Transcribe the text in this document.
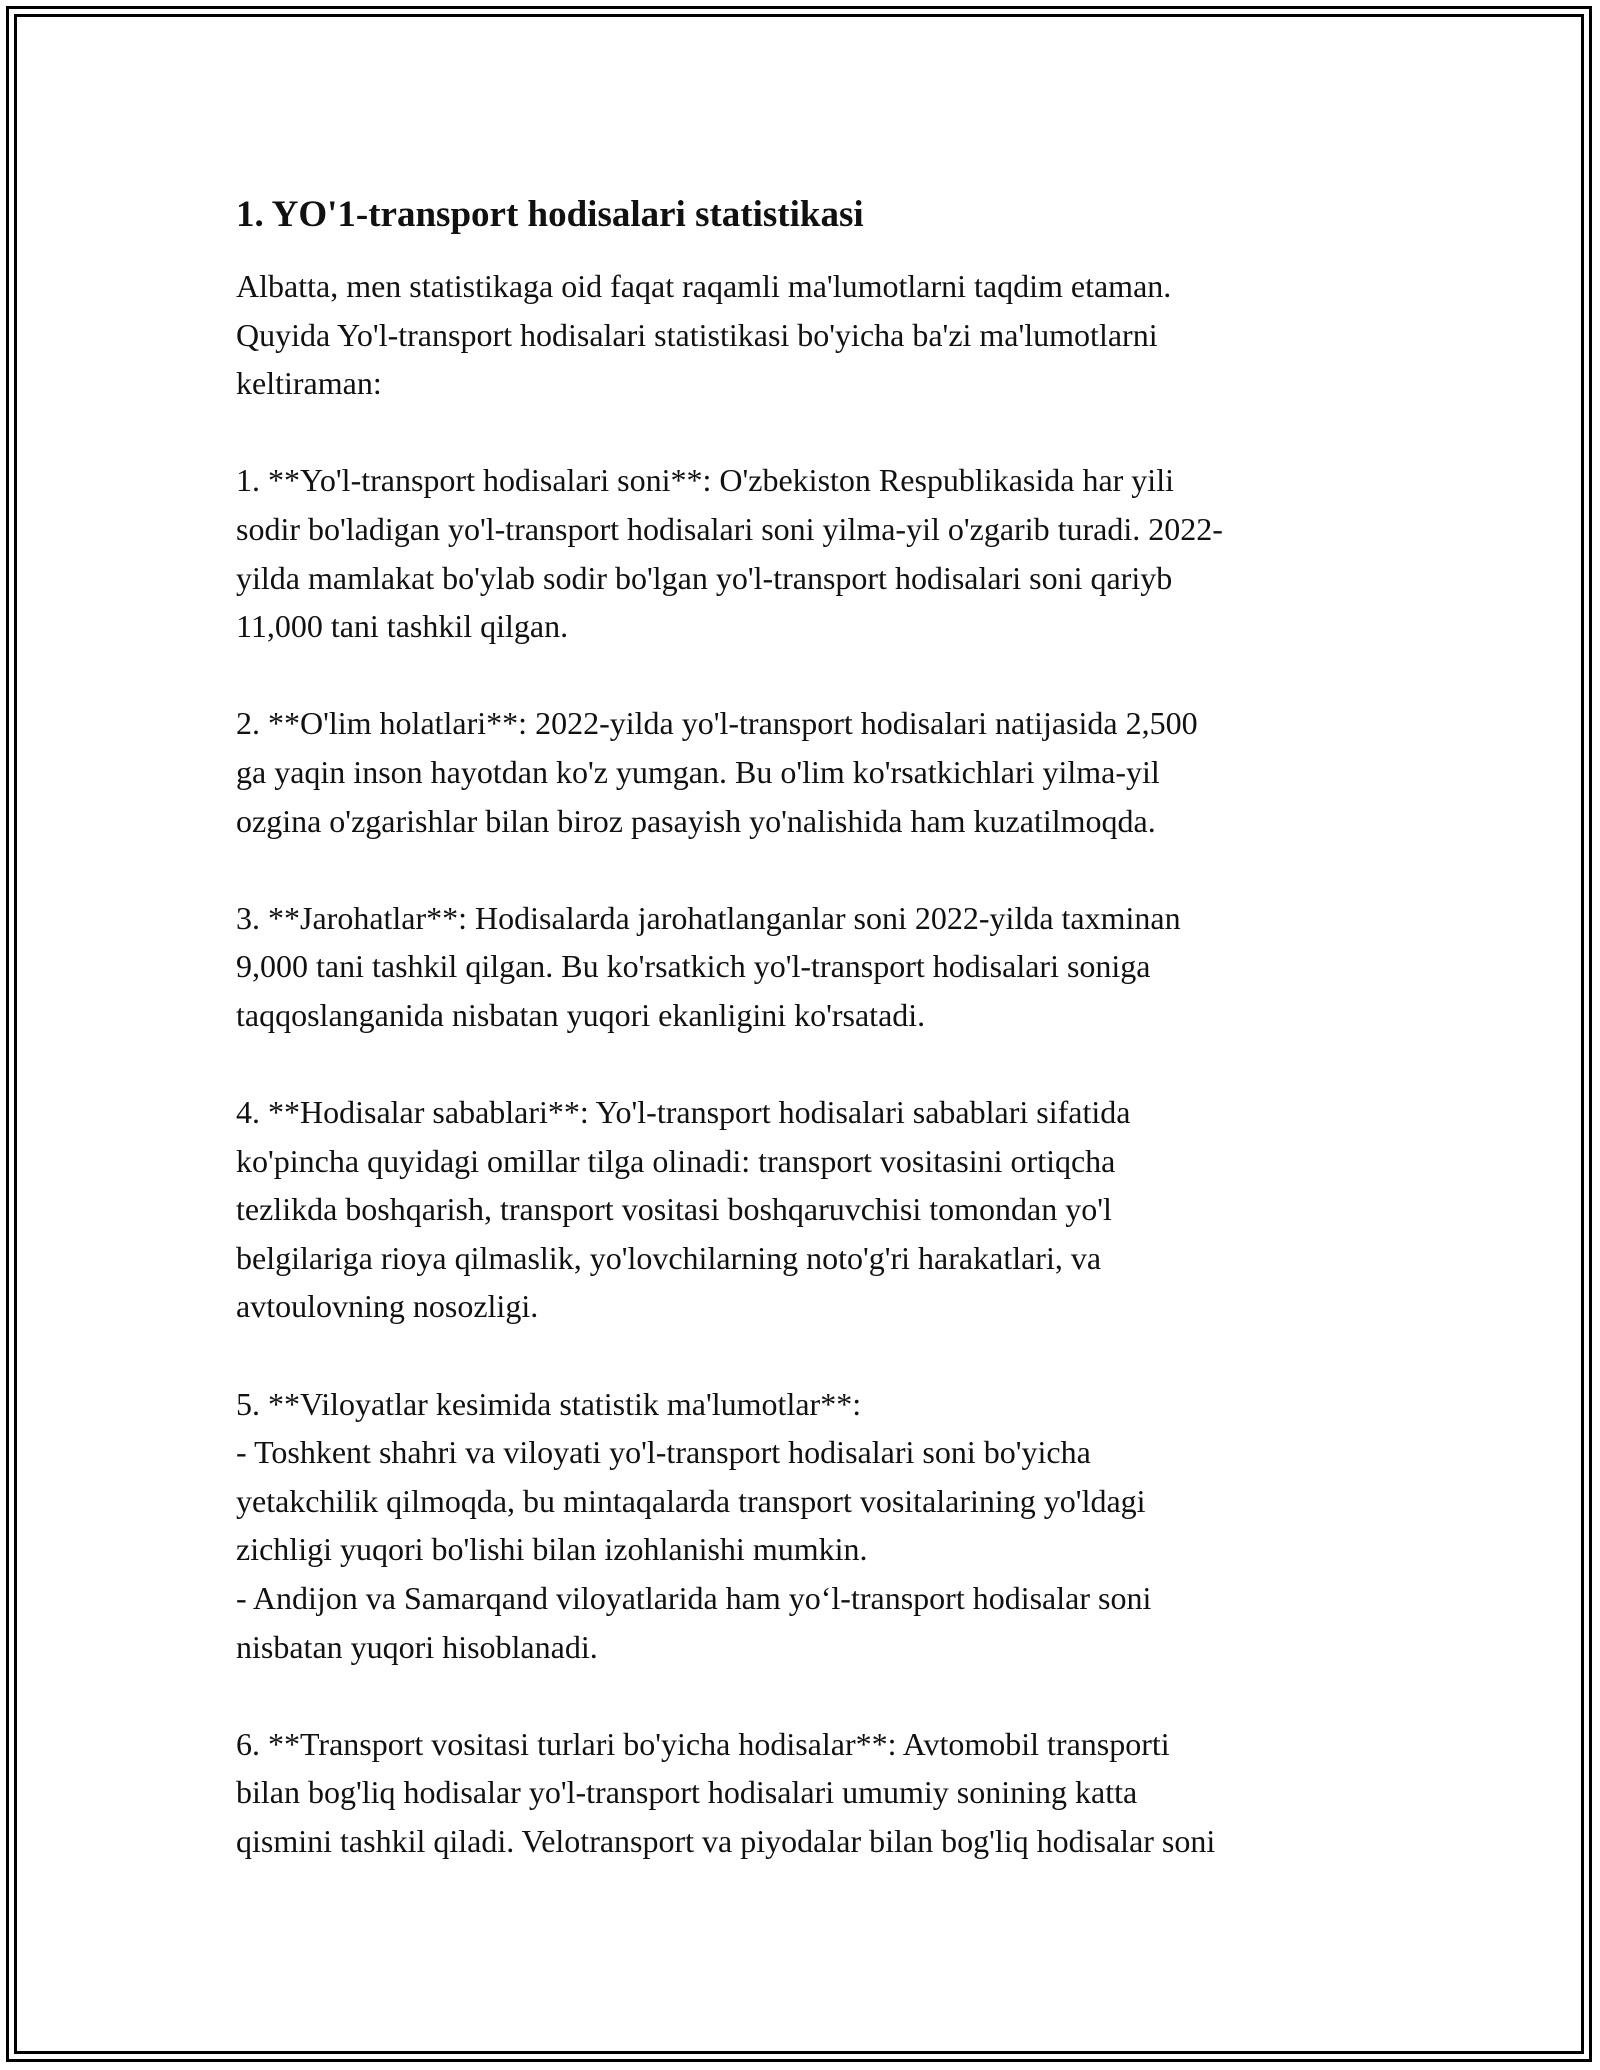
1. YO'1-transport hodisalari statistikasi

Albatta, men statistikaga oid faqat raqamli ma'lumotlarni taqdim etaman.
Quyida Yo'l-transport hodisalari statistikasi bo'yicha ba'zi ma'lumotlarni
keltiraman:

1. **Yo'l-transport hodisalari soni**: O'zbekiston Respublikasida har yili
sodir bo'ladigan yo'l-transport hodisalari soni yilma-yil o'zgarib turadi. 2022-
yilda mamlakat bo'ylab sodir bo'lgan yo'l-transport hodisalari soni qariyb
11,000 tani tashkil qilgan.

2. **O'lim holatlari**: 2022-yilda yo'l-transport hodisalari natijasida 2,500
ga yaqin inson hayotdan ko'z yumgan. Bu o'lim ko'rsatkichlari yilma-yil
ozgina o'zgarishlar bilan biroz pasayish yo'nalishida ham kuzatilmoqda.

3. **Jarohatlar**: Hodisalarda jarohatlanganlar soni 2022-yilda taxminan
9,000 tani tashkil qilgan. Bu ko'rsatkich yo'l-transport hodisalari soniga
taqqoslanganida nisbatan yuqori ekanligini ko'rsatadi.

4. **Hodisalar sabablari**: Yo'l-transport hodisalari sabablari sifatida
ko'pincha quyidagi omillar tilga olinadi: transport vositasini ortiqcha
tezlikda boshqarish, transport vositasi boshqaruvchisi tomondan yo'l
belgilariga rioya qilmaslik, yo'lovchilarning noto'g'ri harakatlari, va
avtoulovning nosozligi.

5. **Viloyatlar kesimida statistik ma'lumotlar**:
- Toshkent shahri va viloyati yo'l-transport hodisalari soni bo'yicha
yetakchilik qilmoqda, bu mintaqalarda transport vositalarining yo'ldagi
zichligi yuqori bo'lishi bilan izohlanishi mumkin.
- Andijon va Samarqand viloyatlarida ham yo‘l-transport hodisalar soni
nisbatan yuqori hisoblanadi.

6. **Transport vositasi turlari bo'yicha hodisalar**: Avtomobil transporti
bilan bog'liq hodisalar yo'l-transport hodisalari umumiy sonining katta
qismini tashkil qiladi. Velotransport va piyodalar bilan bog'liq hodisalar soni
